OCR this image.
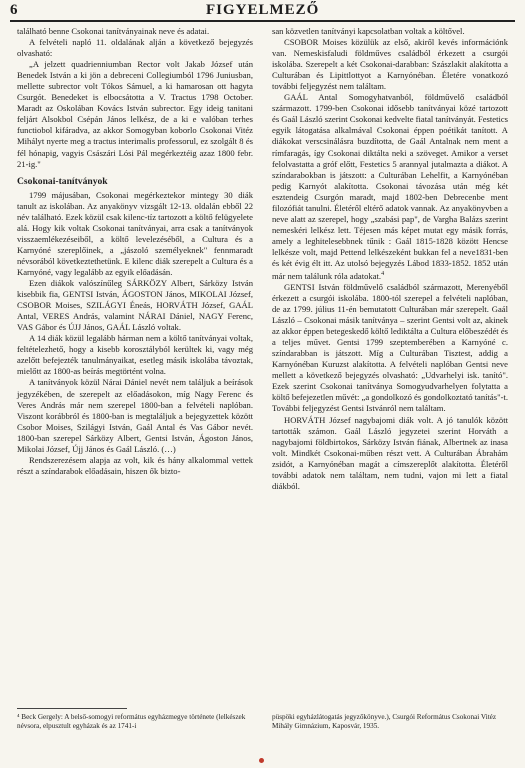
6	FIGYELMEZŐ

található benne Csokonai tanítványainak neve és adatai.

A felvételi napló 11. oldalának alján a következő bejegyzés olvasható:

„A jelzett quadrienniumban Rector volt Jakab József után Benedek István a ki jön a debreceni Collegiumból 1796 Juniusban, mellette subrector volt Tókos Sámuel, a ki hamarosan ott hagyta Csurgót. Benedeket is elbocsátotta a V. Tractus 1798 October. Maradt az Oskolában Kovács István subrector. Egy ideig tanitani feljárt Alsokbol Csépán János lelkész, de a ki e valóban terhes functiobol kifáradva, az akkor Somogyban koborlo Csokonai Vitéz Mihályt nyerte meg a tractus interimalis professorul, ez szolgált 8 és fél hónapig, vagyis Császári Lósi Pál megérkeztéig azaz 1800 febr. 21-ig."

Csokonai-tanítványok

1799 májusában, Csokonai megérkeztekor mintegy 30 diák tanult az iskolában. Az anyakönyv vizsgált 12-13. oldalán ebből 22 név található. Ezek közül csak kilenc-tíz tartozott a költő felügyelete alá. Hogy kik voltak Csokonai tanítványai, arra csak a tanítványok visszaemlékezéseiből, a költő levelezéséből, a Cultura és a Karnyóné szereplőinek, a „jászoló személyeknek" fennmaradt névsorából következtethetünk. E kilenc diák szerepelt a Cultura és a Karnyóné, vagy legalább az egyik előadásán.

Ezen diákok valószínűleg SÁRKÖZY Albert, Sárközy István kisebbik fia, GENTSI István, ÁGOSTON János, MIKOLAI József, CSOBOR Moises, SZILÁGYI Éneás, HORVÁTH József, GAÁL Antal, VERES András, valamint NÁRAI Dániel, NAGY Ferenc, VAS Gábor és ÚJJ János, GAÁL László voltak.

A 14 diák közül legalább hárman nem a költő tanítványai voltak, feltételezhető, hogy a kisebb korosztályból kerültek ki, vagy még azelőtt befejezték tanulmányaikat, esetleg másik iskolába távoztak, mielőtt az 1800-as beírás megtörtént volna.

A tanítványok közül Nárai Dániel nevét nem találjuk a beírások jegyzékében, de szerepelt az előadásokon, míg Nagy Ferenc és Veres András már nem szerepel 1800-ban a felvételi naplóban. Viszont korábbról és 1800-ban is megtaláljuk a bejegyzettek között Csobor Moises, Szilágyi István, Gaál Antal és Vas Gábor nevét. 1800-ban szerepel Sárközy Albert, Gentsi István, Ágoston János, Mikolai József, Újj János és Gaál László. (…)

Rendszerezésem alapja az volt, kik és hány alkalommal vettek részt a színdarabok előadásain, hiszen ők bizto-

san közvetlen tanítványi kapcsolatban voltak a költővel.

CSOBOR Moises közülük az első, akiről kevés információnk van. Nemeskisfaludi földműves családból érkezett a csurgói iskolába. Szerepelt a két Csokonai-darabban: Szászlakit alakította a Culturában és Lipittlottyot a Karnyónéban. Életére vonatkozó további feljegyzést nem találtam.

GAÁL Antal Somogyhatvanból, földművelő családból származott. 1799-ben Csokonai idősebb tanítványai közé tartozott és Gaál László szerint Csokonai kedvelte fiatal tanítványát. Festetics egyik látogatása alkalmával Csokonai éppen poétikát tanított. A diákokat verscsinálásra buzdította, de Gaál Antalnak nem ment a rímfaragás, így Csokonai diktálta neki a szöveget. Amikor a verset felolvastatta a gróf előtt, Festetics 5 arannyal jutalmazta a diákot. A színdarabokban is játszott: a Culturában Lehelfit, a Karnyónéban pedig Karnyót alakította. Csokonai távozása után még két esztendeig Csurgón maradt, majd 1802-ben Debrecenbe ment filozófiát tanulni. Életéről eltérő adatok vannak. Az anyakönyvben a neve alatt az szerepel, hogy „szabási pap", de Vargha Balázs szerint nemeskéri lelkész lett. Téjesen más képet mutat egy másik forrás, amely a leghitelesebbnek tűnik : Gaál 1815-1828 között Hencse lelkésze volt, majd Pettend lelkészeként bukkan fel a neve1831-ben és két évig élt itt. Az utolsó bejegyzés Lábod 1833-1852. 1852 után már nem találunk róla adatokat.$^4$

GENTSI István földművelő családból származott, Merenyéből érkezett a csurgói iskolába. 1800-tól szerepel a felvételi naplóban, de az 1799. július 11-én bemutatott Culturában már szerepelt. Gaál László – Csokonai másik tanítványa – szerint Gentsi volt az, akinek az akkor éppen betegeskedő költő lediktálta a Cultura előbeszédét és a teljes művet. Gentsi 1799 szeptemberében a Karnyóné c. színdarabban is játszott. Míg a Culturában Tisztest, addig a Karnyónéban Kuruzst alakította. A felvételi naplóban Gentsi neve mellett a következő bejegyzés olvasható: „Udvarhelyi isk. tanító". Ezek szerint Csokonai tanítványa Somogyudvarhelyen folytatta a költő befejezetlen művét: „a gondolkozó és gondolkoztató tanítás"-t. További feljegyzést Gentsi Istvánról nem találtam.

HORVÁTH József nagybajomi diák volt. A jó tanulók között tartották számon. Gaál László jegyzetei szerint Horváth a nagybajomi földbirtokos, Sárközy István fiának, Albertnek az inasa volt. Mindkét Csokonai-műben részt vett. A Culturában Ábrahám zsidót, a Karnyónéban magát a címszereplőt alakította. Életéről további adatok nem találtam, nem tudni, vajon mi lett a fiatal diákból.

⁴ Beck Gergely: A belső-somogyi református egyházmegye története (lelkészek névsora, elpusztult egyházak és az 1741-i
püspöki egyházlátogatás jegyzőkönyve.), Csurgói Református Csokonai Vitéz Mihály Gimnázium, Kaposvár, 1935.
